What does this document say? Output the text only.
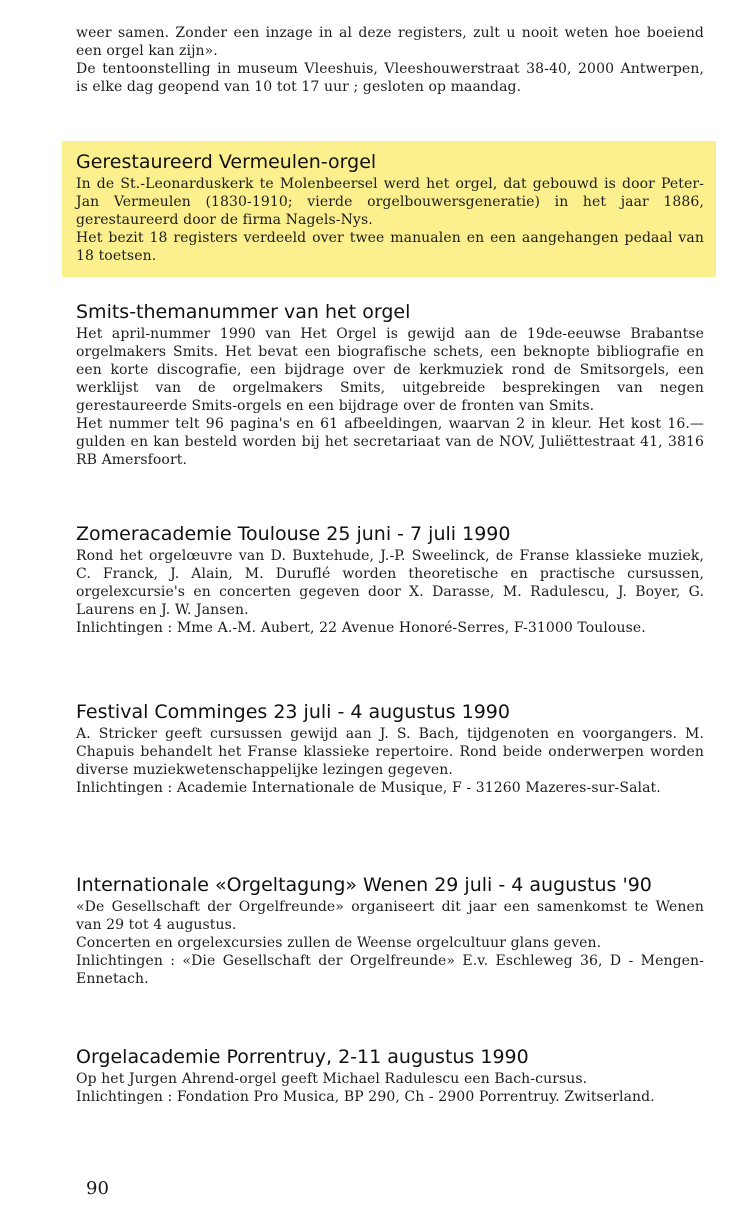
weer samen. Zonder een inzage in al deze registers, zult u nooit weten hoe boeiend een orgel kan zijn».

De tentoonstelling in museum Vleeshuis, Vleeshouwerstraat 38-40, 2000 Antwerpen, is elke dag geopend van 10 tot 17 uur ; gesloten op maandag.

Gerestaureerd Vermeulen-orgel

In de St.-Leonarduskerk te Molenbeersel werd het orgel, dat gebouwd is door Peter-Jan Vermeulen (1830-1910; vierde orgelbouwersgeneratie) in het jaar 1886, gerestaureerd door de firma Nagels-Nys.

Het bezit 18 registers verdeeld over twee manualen en een aangehangen pedaal van 18 toetsen.

Smits-themanummer van het orgel

Het april-nummer 1990 van Het Orgel is gewijd aan de 19de-eeuwse Brabantse orgelmakers Smits. Het bevat een biografische schets, een beknopte bibliografie en een korte discografie, een bijdrage over de kerkmuziek rond de Smitsorgels, een werklijst van de orgelmakers Smits, uitgebreide besprekingen van negen gerestaureerde Smits-orgels en een bijdrage over de fronten van Smits.

Het nummer telt 96 pagina's en 61 afbeeldingen, waarvan 2 in kleur. Het kost 16.— gulden en kan besteld worden bij het secretariaat van de NOV, Juliëttestraat 41, 3816 RB Amersfoort.

Zomeracademie Toulouse 25 juni - 7 juli 1990

Rond het orgelœuvre van D. Buxtehude, J.-P. Sweelinck, de Franse klassieke muziek, C. Franck, J. Alain, M. Duruflé worden theoretische en practische cursussen, orgelexcursie's en concerten gegeven door X. Darasse, M. Radulescu, J. Boyer, G. Laurens en J. W. Jansen.

Inlichtingen : Mme A.-M. Aubert, 22 Avenue Honoré-Serres, F-31000 Toulouse.

Festival Comminges 23 juli - 4 augustus 1990

A. Stricker geeft cursussen gewijd aan J. S. Bach, tijdgenoten en voorgangers. M. Chapuis behandelt het Franse klassieke repertoire. Rond beide onderwerpen worden diverse muziekwetenschappelijke lezingen gegeven.

Inlichtingen : Academie Internationale de Musique, F - 31260 Mazeres-sur-Salat.

Internationale «Orgeltagung» Wenen 29 juli - 4 augustus '90

«De Gesellschaft der Orgelfreunde» organiseert dit jaar een samenkomst te Wenen van 29 tot 4 augustus.

Concerten en orgelexcursies zullen de Weense orgelcultuur glans geven.

Inlichtingen : «Die Gesellschaft der Orgelfreunde» E.v. Eschleweg 36, D - Mengen-Ennetach.

Orgelacademie Porrentruy, 2-11 augustus 1990

Op het Jurgen Ahrend-orgel geeft Michael Radulescu een Bach-cursus.

Inlichtingen : Fondation Pro Musica, BP 290, Ch - 2900 Porrentruy. Zwitserland.

90
